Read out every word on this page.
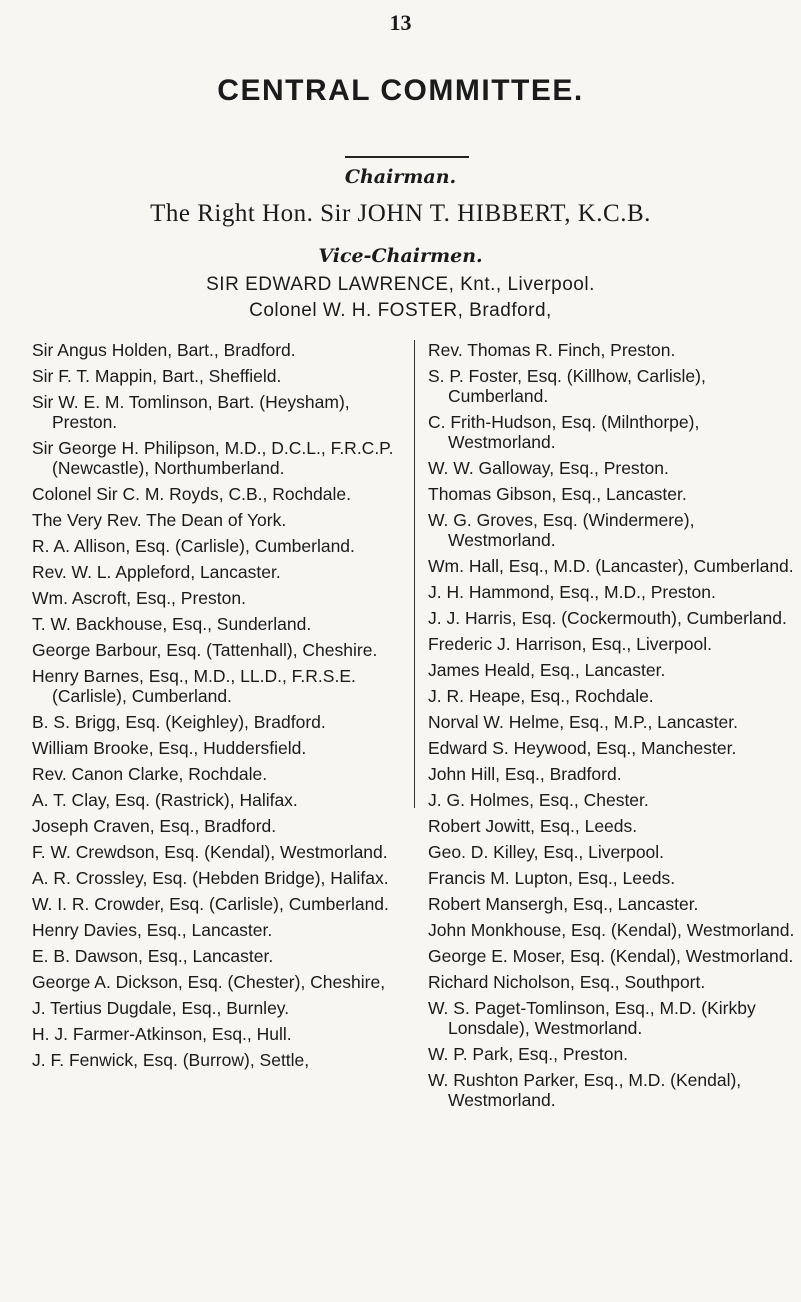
13
CENTRAL COMMITTEE.
Chairman.
The Right Hon. Sir JOHN T. HIBBERT, K.C.B.
Vice-Chairmen.
SIR EDWARD LAWRENCE, Knt., Liverpool.
Colonel W. H. FOSTER, Bradford,
Sir Angus Holden, Bart., Bradford.
Sir F. T. Mappin, Bart., Sheffield.
Sir W. E. M. Tomlinson, Bart. (Heysham), Preston.
Sir George H. Philipson, M.D., D.C.L., F.R.C.P. (Newcastle), Northumberland.
Colonel Sir C. M. Royds, C.B., Rochdale.
The Very Rev. The Dean of York.
R. A. Allison, Esq. (Carlisle), Cumberland.
Rev. W. L. Appleford, Lancaster.
Wm. Ascroft, Esq., Preston.
T. W. Backhouse, Esq., Sunderland.
George Barbour, Esq. (Tattenhall), Cheshire.
Henry Barnes, Esq., M.D., LL.D., F.R.S.E. (Carlisle), Cumberland.
B. S. Brigg, Esq. (Keighley), Bradford.
William Brooke, Esq., Huddersfield.
Rev. Canon Clarke, Rochdale.
A. T. Clay, Esq. (Rastrick), Halifax.
Joseph Craven, Esq., Bradford.
F. W. Crewdson, Esq. (Kendal), Westmorland.
A. R. Crossley, Esq. (Hebden Bridge), Halifax.
W. I. R. Crowder, Esq. (Carlisle), Cumberland.
Henry Davies, Esq., Lancaster.
E. B. Dawson, Esq., Lancaster.
George A. Dickson, Esq. (Chester), Cheshire,
J. Tertius Dugdale, Esq., Burnley.
H. J. Farmer-Atkinson, Esq., Hull.
J. F. Fenwick, Esq. (Burrow), Settle,
Rev. Thomas R. Finch, Preston.
S. P. Foster, Esq. (Killhow, Carlisle), Cumberland.
C. Frith-Hudson, Esq. (Milnthorpe), Westmorland.
W. W. Galloway, Esq., Preston.
Thomas Gibson, Esq., Lancaster.
W. G. Groves, Esq. (Windermere), Westmorland.
Wm. Hall, Esq., M.D. (Lancaster), Cumberland.
J. H. Hammond, Esq., M.D., Preston.
J. J. Harris, Esq. (Cockermouth), Cumberland.
Frederic J. Harrison, Esq., Liverpool.
James Heald, Esq., Lancaster.
J. R. Heape, Esq., Rochdale.
Norval W. Helme, Esq., M.P., Lancaster.
Edward S. Heywood, Esq., Manchester.
John Hill, Esq., Bradford.
J. G. Holmes, Esq., Chester.
Robert Jowitt, Esq., Leeds.
Geo. D. Killey, Esq., Liverpool.
Francis M. Lupton, Esq., Leeds.
Robert Mansergh, Esq., Lancaster.
John Monkhouse, Esq. (Kendal), Westmorland.
George E. Moser, Esq. (Kendal), Westmorland.
Richard Nicholson, Esq., Southport.
W. S. Paget-Tomlinson, Esq., M.D. (Kirkby Lonsdale), Westmorland.
W. P. Park, Esq., Preston.
W. Rushton Parker, Esq., M.D. (Kendal), Westmorland.
